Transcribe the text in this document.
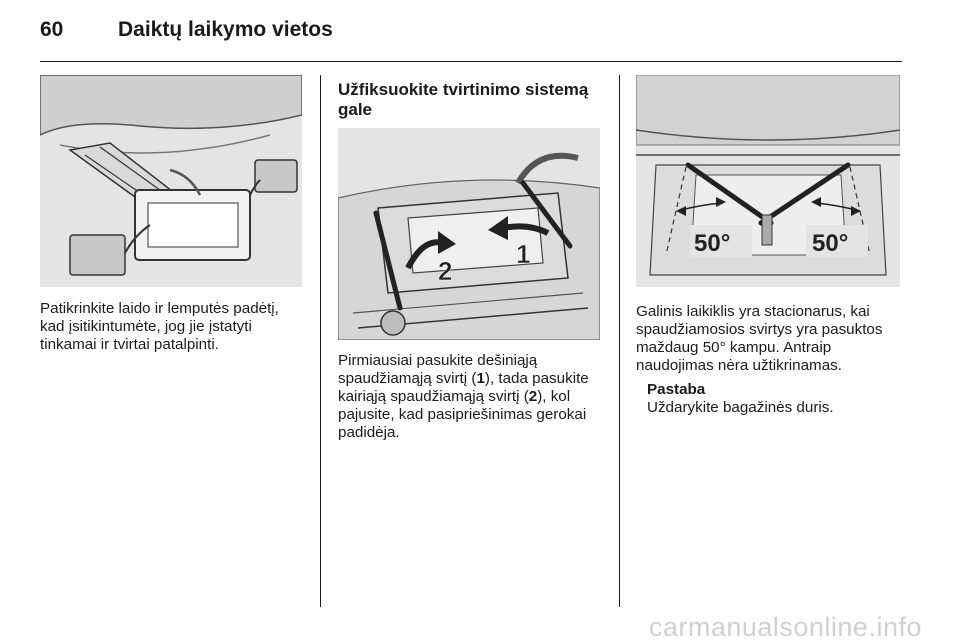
60	Daiktų laikymo vietos

Patikrinkite laido ir lemputės padėtį,

kad įsitikintumėte, jog jie įstatyti

tinkamai ir tvirtai patalpinti.

Užfiksuokite tvirtinimo sistemą
gale
2
1

Pirmiausiai pasukite dešiniąją

spaudžiamąją svirtį (1), tada pasukite

kairiąją spaudžiamąją svirtį (2), kol

pajusite, kad pasipriešinimas gerokai

padidėja.

50°	50°

Galinis laikiklis yra stacionarus, kai

spaudžiamosios svirtys yra pasuktos

maždaug 50° kampu. Antraip

naudojimas nėra užtikrinamas.

Pastaba

Uždarykite bagažinės duris.

carmanualsonline.info
